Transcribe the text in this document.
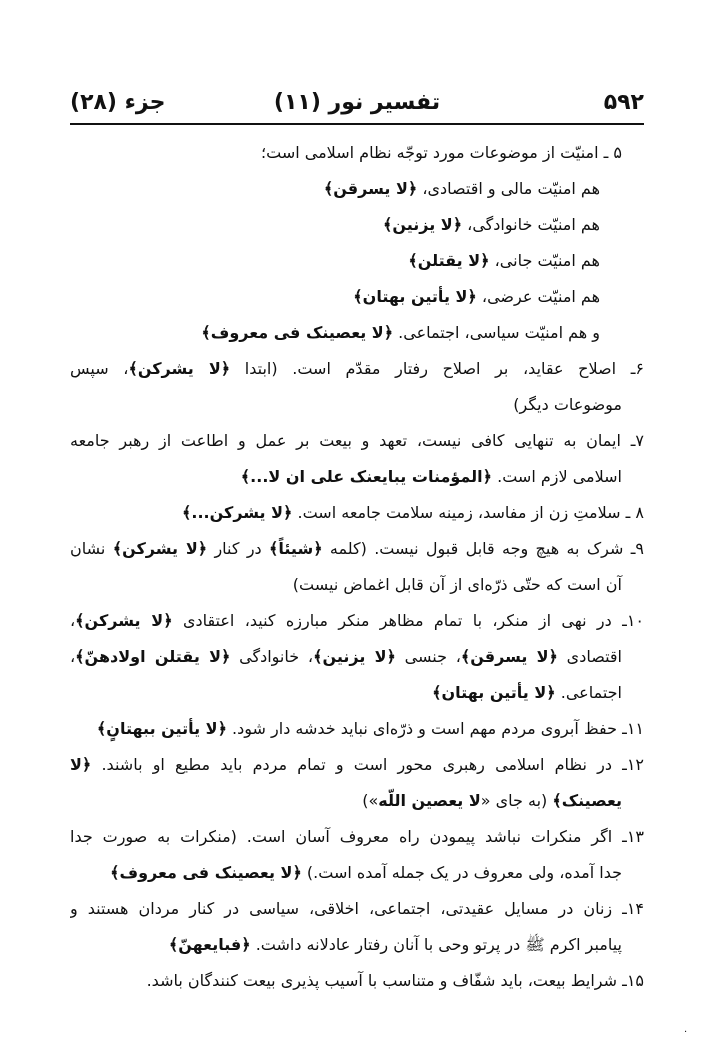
۵۹۲
تفسیر نور (۱۱)
جزء (۲۸)
۵ ـ امنیّت از موضوعات مورد توجّه نظام اسلامی است؛
هم امنیّت مالی و اقتصادی، ﴿لا یسرقن﴾
هم امنیّت خانوادگی، ﴿لا یزنین﴾
هم امنیّت جانی، ﴿لا یقتلن﴾
هم امنیّت عرضی، ﴿لا یأتین بهتان﴾
و هم امنیّت سیاسی، اجتماعی. ﴿لا یعصینک فی معروف﴾
۶ـ اصلاح عقاید، بر اصلاح رفتار مقدّم است. (ابتدا ﴿لا یشرکن﴾، سپس
موضوعات دیگر)
۷ـ ایمان به تنهایی کافی نیست، تعهد و بیعت بر عمل و اطاعت از رهبر جامعه
اسلامی لازم است. ﴿المؤمنات یبایعنک علی ان لا...﴾
۸ ـ سلامتِ زن از مفاسد، زمینه سلامت جامعه است. ﴿لا یشرکن...﴾
۹ـ شرک به هیچ وجه قابل قبول نیست. (کلمه ﴿شیئاً﴾ در کنار ﴿لا یشرکن﴾ نشان
آن است که حتّی ذرّه‌ای از آن قابل اغماض نیست)
۱۰ـ در نهی از منکر، با تمام مظاهر منکر مبارزه کنید، اعتقادی ﴿لا یشرکن﴾،
اقتصادی ﴿لا یسرقن﴾، جنسی ﴿لا یزنین﴾، خانوادگی ﴿لا یقتلن اولادهنّ﴾،
اجتماعی. ﴿لا یأتین بهتان﴾
۱۱ـ حفظ آبروی مردم مهم است و ذرّه‌ای نباید خدشه دار شود. ﴿لا یأتین ببهتانٍ﴾
۱۲ـ در نظام اسلامی رهبری محور است و تمام مردم باید مطیع او باشند. ﴿لا
یعصینک﴾ (به جای «لا یعصین اللّه»)
۱۳ـ اگر منکرات نباشد پیمودن راه معروف آسان است. (منکرات به صورت جدا
جدا آمده، ولی معروف در یک جمله آمده است.) ﴿لا یعصینک فی معروف﴾
۱۴ـ زنان در مسایل عقیدتی، اجتماعی، اخلاقی، سیاسی در کنار مردان هستند و
پیامبر اکرم ﷺ در پرتو وحی با آنان رفتار عادلانه داشت. ﴿فبایعهنّ﴾
۱۵ـ شرایط بیعت، باید شفّاف و متناسب با آسیب پذیری بیعت کنندگان باشد.
.
